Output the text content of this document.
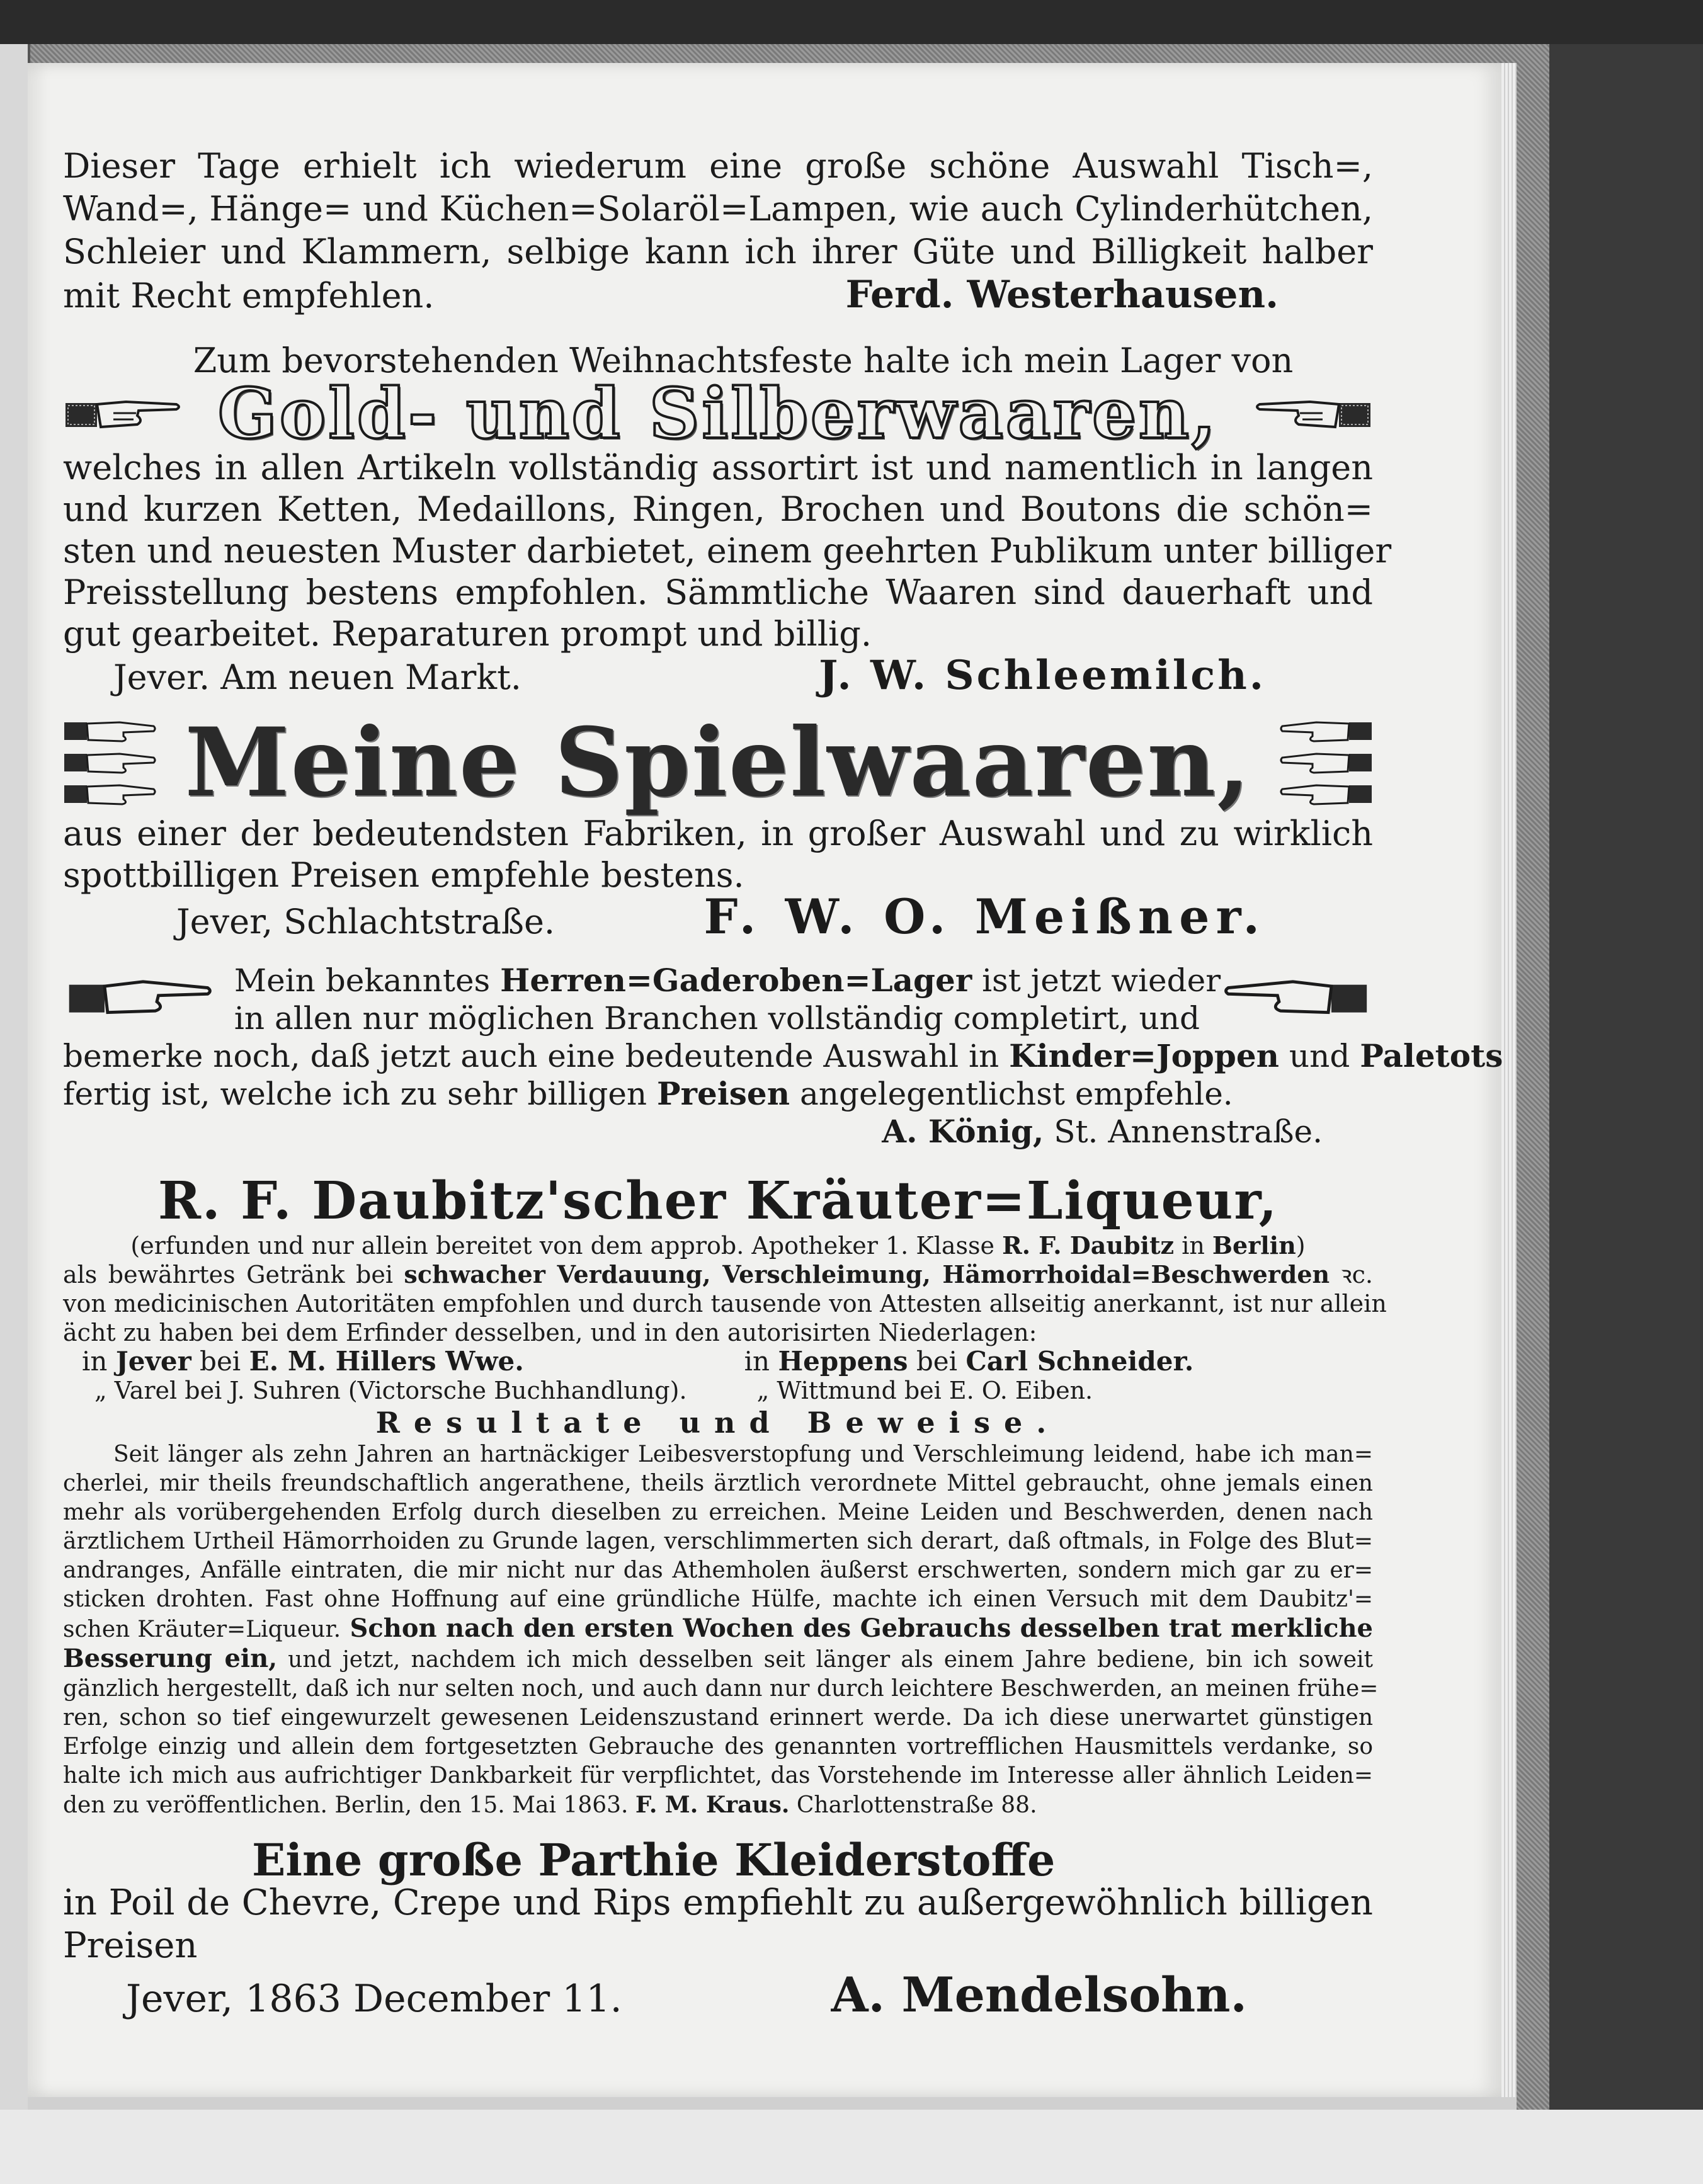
Dieser Tage erhielt ich wiederum eine große schöne Auswahl Tisch=,

Wand=, Hänge= und Küchen=Solaröl=Lampen, wie auch Cylinderhütchen,

Schleier und Klammern, selbige kann ich ihrer Güte und Billigkeit halber

mit Recht empfehlen.	Ferd. Westerhausen.

Zum bevorstehenden Weihnachtsfeste halte ich mein Lager von

Gold- und Silberwaaren,

welches in allen Artikeln vollständig assortirt ist und namentlich in langen

und kurzen Ketten, Medaillons, Ringen, Brochen und Boutons die schön=

sten und neuesten Muster darbietet, einem geehrten Publikum unter billiger

Preisstellung bestens empfohlen. Sämmtliche Waaren sind dauerhaft und

gut gearbeitet. Reparaturen prompt und billig.

Jever. Am neuen Markt.	J. W. Schleemilch.
Meine Spielwaaren,

aus einer der bedeutendsten Fabriken, in großer Auswahl und zu wirklich

spottbilligen Preisen empfehle bestens.

Jever, Schlachtstraße.	F. W. O. Meißner.

Mein bekanntes Herren=Gaderoben=Lager ist jetzt wieder

in allen nur möglichen Branchen vollständig completirt, und

bemerke noch, daß jetzt auch eine bedeutende Auswahl in Kinder=Joppen und Paletots

fertig ist, welche ich zu sehr billigen Preisen angelegentlichst empfehle.

A. König, St. Annenstraße.

R. F. Daubitz'scher Kräuter=Liqueur,

(erfunden und nur allein bereitet von dem approb. Apotheker 1. Klasse R. F. Daubitz in Berlin)

als bewährtes Getränk bei schwacher Verdauung, Verschleimung, Hämorrhoidal=Beschwerden ꝛc.

von medicinischen Autoritäten empfohlen und durch tausende von Attesten allseitig anerkannt, ist nur allein

ächt zu haben bei dem Erfinder desselben, und in den autorisirten Niederlagen:

in Jever bei E. M. Hillers Wwe.

„ Varel bei J. Suhren (Victorsche Buchhandlung).

in Heppens bei Carl Schneider.

„ Wittmund bei E. O. Eiben.

Resultate und Beweise.

Seit länger als zehn Jahren an hartnäckiger Leibesverstopfung und Verschleimung leidend, habe ich man=

cherlei, mir theils freundschaftlich angerathene, theils ärztlich verordnete Mittel gebraucht, ohne jemals einen

mehr als vorübergehenden Erfolg durch dieselben zu erreichen. Meine Leiden und Beschwerden, denen nach

ärztlichem Urtheil Hämorrhoiden zu Grunde lagen, verschlimmerten sich derart, daß oftmals, in Folge des Blut=

andranges, Anfälle eintraten, die mir nicht nur das Athemholen äußerst erschwerten, sondern mich gar zu er=

sticken drohten. Fast ohne Hoffnung auf eine gründliche Hülfe, machte ich einen Versuch mit dem Daubitz'=

schen Kräuter=Liqueur. Schon nach den ersten Wochen des Gebrauchs desselben trat merkliche

Besserung ein, und jetzt, nachdem ich mich desselben seit länger als einem Jahre bediene, bin ich soweit

gänzlich hergestellt, daß ich nur selten noch, und auch dann nur durch leichtere Beschwerden, an meinen frühe=

ren, schon so tief eingewurzelt gewesenen Leidenszustand erinnert werde. Da ich diese unerwartet günstigen

Erfolge einzig und allein dem fortgesetzten Gebrauche des genannten vortrefflichen Hausmittels verdanke, so

halte ich mich aus aufrichtiger Dankbarkeit für verpflichtet, das Vorstehende im Interesse aller ähnlich Leiden=

den zu veröffentlichen. Berlin, den 15. Mai 1863. F. M. Kraus. Charlottenstraße 88.

Eine große Parthie Kleiderstoffe

in Poil de Chevre, Crepe und Rips empfiehlt zu außergewöhnlich billigen

Preisen

Jever, 1863 December 11.	A. Mendelsohn.
